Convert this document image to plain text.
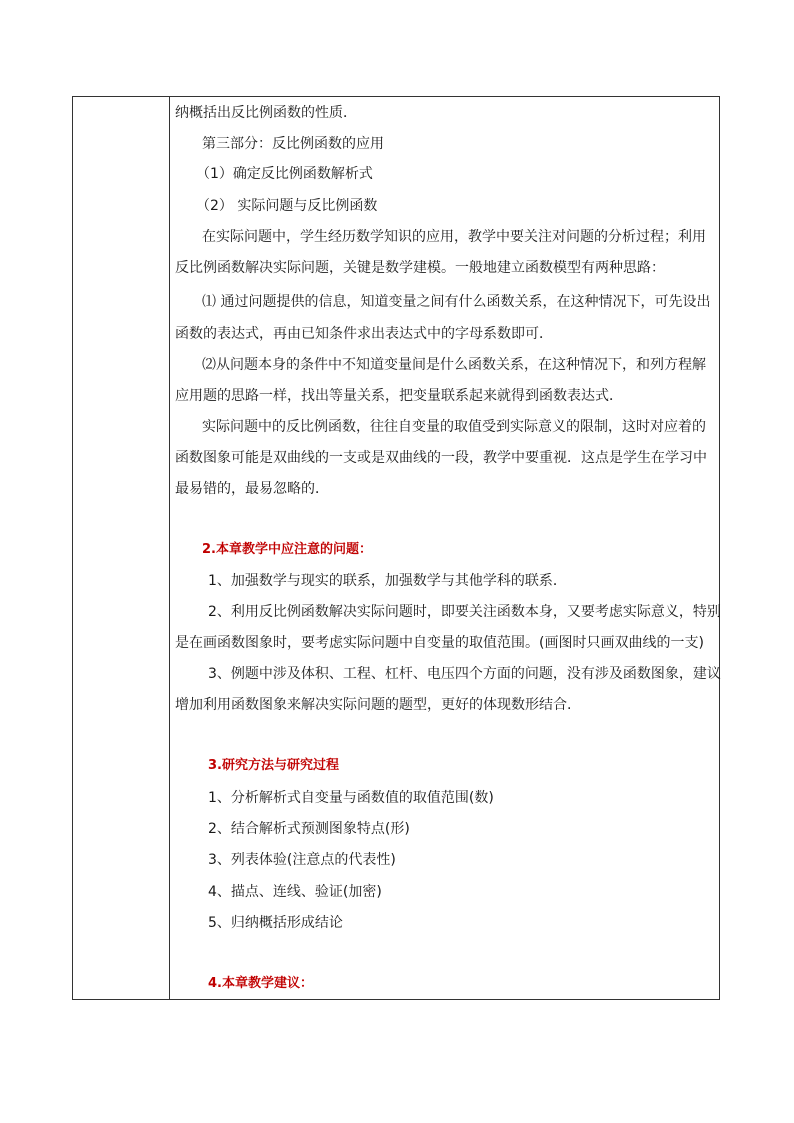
纳概括出反比例函数的性质．
第三部分：反比例函数的应用
（1）确定反比例函数解析式
（2） 实际问题与反比例函数
在实际问题中，学生经历数学知识的应用，教学中要关注对问题的分析过程；利用
反比例函数解决实际问题，关键是数学建模。一般地建立函数模型有两种思路：
⑴ 通过问题提供的信息，知道变量之间有什么函数关系，在这种情况下，可先设出
函数的表达式，再由已知条件求出表达式中的字母系数即可．
⑵从问题本身的条件中不知道变量间是什么函数关系，在这种情况下，和列方程解
应用题的思路一样，找出等量关系，把变量联系起来就得到函数表达式．
实际问题中的反比例函数，往往自变量的取值受到实际意义的限制，这时对应着的
函数图象可能是双曲线的一支或是双曲线的一段，教学中要重视．这点是学生在学习中
最易错的，最易忽略的．
2.本章教学中应注意的问题：
1、加强数学与现实的联系，加强数学与其他学科的联系．
2、利用反比例函数解决实际问题时，即要关注函数本身，又要考虑实际意义，特别
是在画函数图象时，要考虑实际问题中自变量的取值范围。(画图时只画双曲线的一支)
3、例题中涉及体积、工程、杠杆、电压四个方面的问题，没有涉及函数图象，建议
增加利用函数图象来解决实际问题的题型，更好的体现数形结合.
3.研究方法与研究过程
1、分析解析式自变量与函数值的取值范围(数)
2、结合解析式预测图象特点(形)
3、列表体验(注意点的代表性)
4、描点、连线、验证(加密)
5、归纳概括形成结论
4.本章教学建议：
